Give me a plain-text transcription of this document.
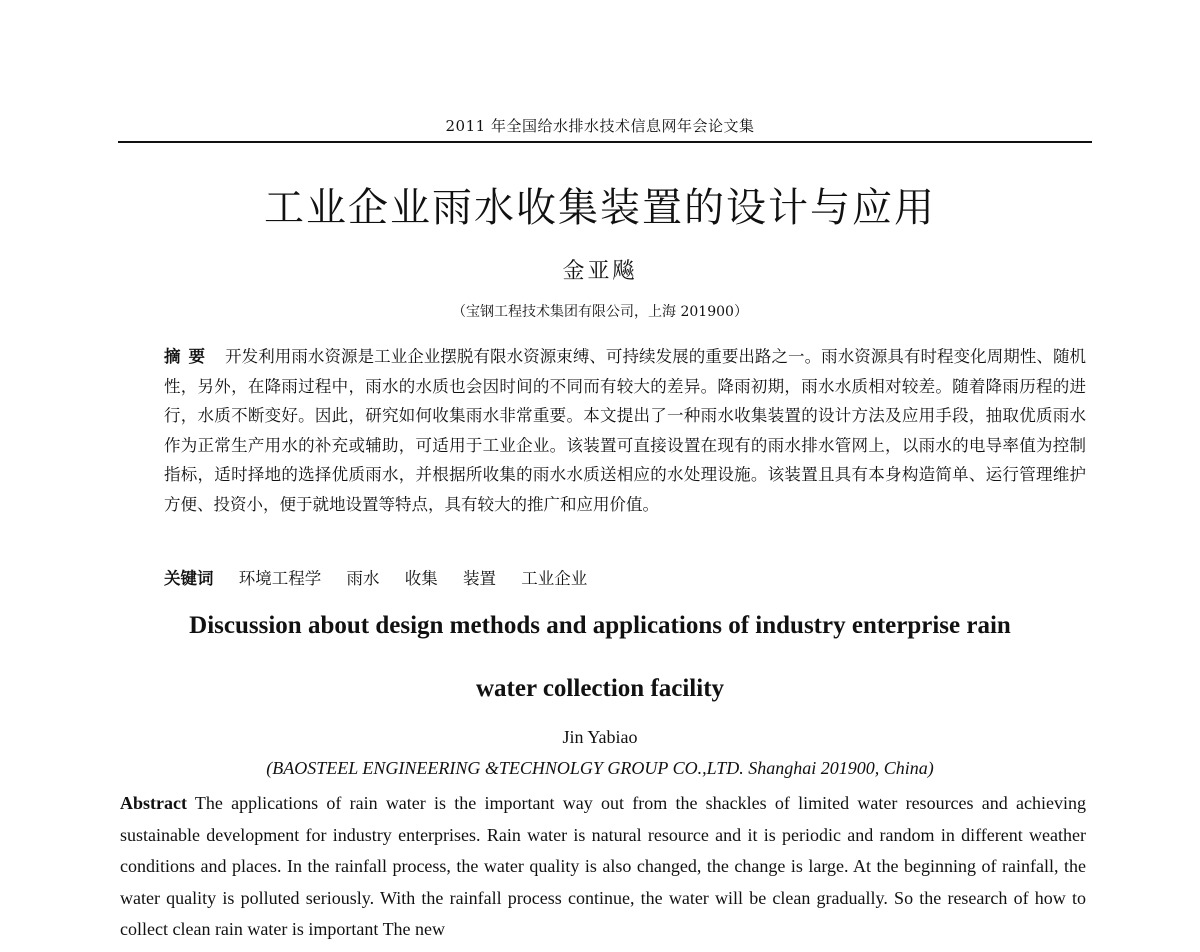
2011 年全国给水排水技术信息网年会论文集
工业企业雨水收集装置的设计与应用
金亚飚
（宝钢工程技术集团有限公司，上海 201900）

摘要 开发利用雨水资源是工业企业摆脱有限水资源束缚、可持续发展的重要出路之一。雨水资源具有时程变化周期性、随机性，另外，在降雨过程中，雨水的水质也会因时间的不同而有较大的差异。降雨初期，雨水水质相对较差。随着降雨历程的进行，水质不断变好。因此，研究如何收集雨水非常重要。本文提出了一种雨水收集装置的设计方法及应用手段，抽取优质雨水作为正常生产用水的补充或辅助，可适用于工业企业。该装置可直接设置在现有的雨水排水管网上，以雨水的电导率值为控制指标，适时择地的选择优质雨水，并根据所收集的雨水水质送相应的水处理设施。该装置且具有本身构造简单、运行管理维护方便、投资小，便于就地设置等特点，具有较大的推广和应用价值。

关键词 环境工程学 雨水 收集 装置 工业企业
Discussion about design methods and applications of industry enterprise rain
water collection facility
Jin Yabiao
(BAOSTEEL ENGINEERING &TECHNOLGY GROUP CO.,LTD. Shanghai 201900, China)

Abstract The applications of rain water is the important way out from the shackles of limited water resources and achieving sustainable development for industry enterprises. Rain water is natural resource and it is periodic and random in different weather conditions and places. In the rainfall process, the water quality is also changed, the change is large. At the beginning of rainfall, the water quality is polluted seriously. With the rainfall process continue, the water will be clean gradually. So the research of how to collect clean rain water is important The new
